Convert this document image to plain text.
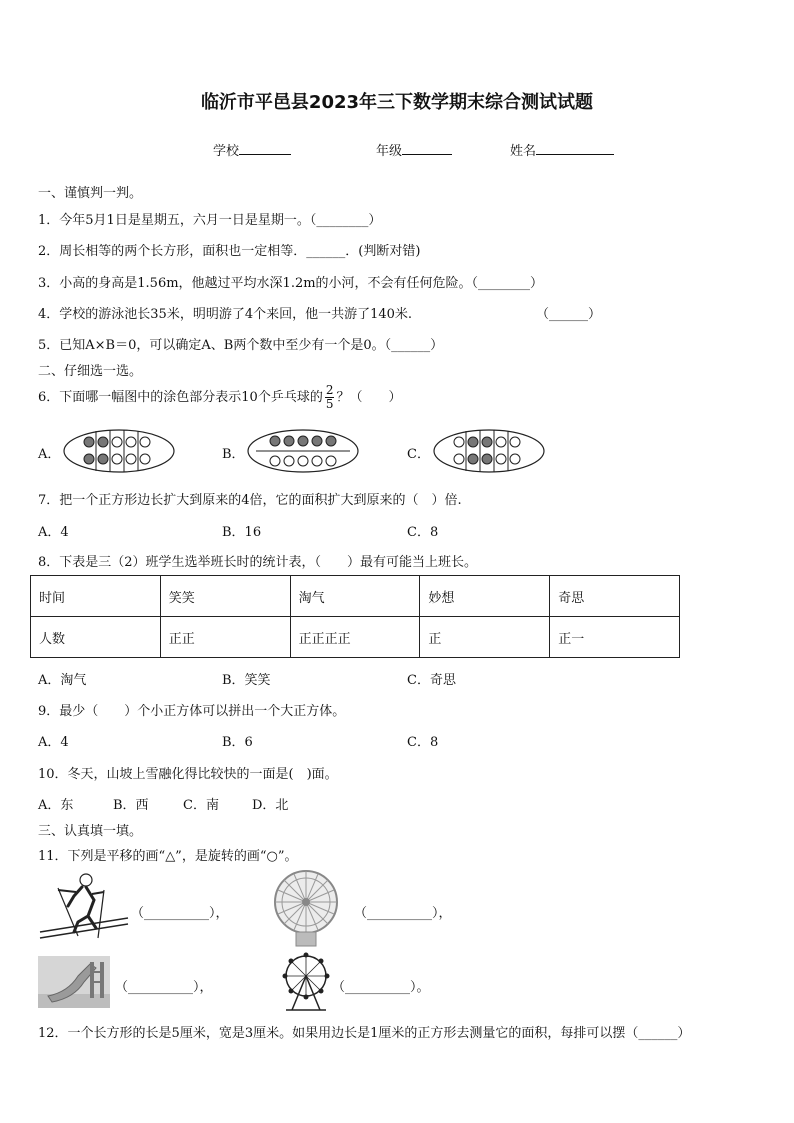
临沂市平邑县2023年三下数学期末综合测试试题
学校	年级	姓名
一、谨慎判一判。
1．今年5月1日是星期五，六月一日是星期一。（________）
2．周长相等的两个长方形，面积也一定相等．______．(判断对错)
3．小高的身高是1.56m，他越过平均水深1.2m的小河，不会有任何危险。（________）
4．学校的游泳池长35米，明明游了4个来回，他一共游了140米.	（______）
5．已知A×B＝0，可以确定A、B两个数中至少有一个是0。（______）
二、仔细选一选。
6．下面哪一幅图中的涂色部分表示10个乒乓球的 $\frac{2}{5}$ ？（　　）
A．	B．	C．
7．把一个正方形边长扩大到原来的4倍，它的面积扩大到原来的（　）倍.
A．4	B．16	C．8
8．下表是三（2）班学生选举班长时的统计表，（　　）最有可能当上班长。
时间	笑笑	淘气	妙想	奇思
人数	正正	正正正正	正	正一
A．淘气	B．笑笑	C．奇思
9．最少（　　）个小正方体可以拼出一个大正方体。
A．4	B．6	C．8
10．冬天，山坡上雪融化得比较快的一面是(　)面。
A．东	B．西	C．南	D．北
三、认真填一填。
11．下列是平移的画“△”，是旋转的画“○”。
（__________），	（__________），
（__________），	（__________）。
12．一个长方形的长是5厘米，宽是3厘米。如果用边长是1厘米的正方形去测量它的面积，每排可以摆（______）
